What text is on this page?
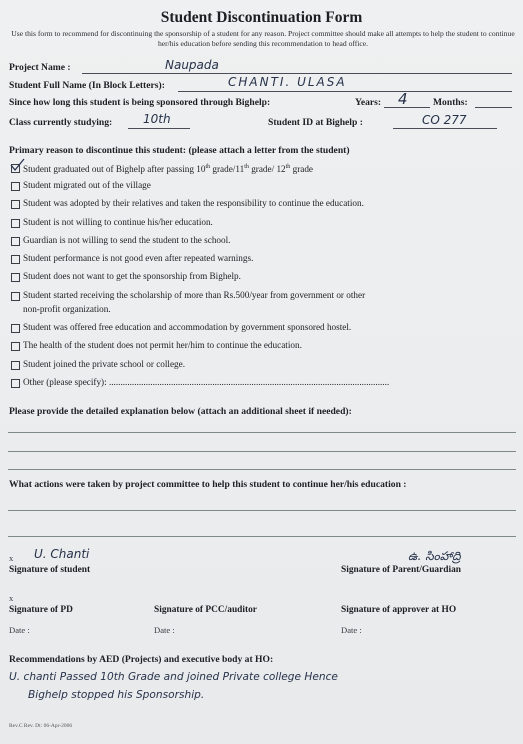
Student Discontinuation Form
Use this form to recommend for discontinuing the sponsorship of a student for any reason. Project committee should make all attempts to help the student to continue her/his education before sending this recommendation to head office.
Project Name :	Naupada
Student Full Name (In Block Letters):	CHANTI. ULASA
Since how long this student is being sponsored through Bighelp:	Years: 4	Months:
Class currently studying:	10th	Student ID at Bighelp :	CO 277
Primary reason to discontinue this student: (please attach a letter from the student)
Student graduated out of Bighelp after passing 10th grade/11th grade/ 12th grade
Student migrated out of the village
Student was adopted by their relatives and taken the responsibility to continue the education.
Student is not willing to continue his/her education.
Guardian is not willing to send the student to the school.
Student performance is not good even after repeated warnings.
Student does not want to get the sponsorship from Bighelp.
Student started receiving the scholarship of more than Rs.500/year from government or other
non-profit organization.
Student was offered free education and accommodation by government sponsored hostel.
The health of the student does not permit her/him to continue the education.
Student joined the private school or college.
Other (please specify): ..........................................................................................................................
Please provide the detailed explanation below (attach an additional sheet if needed):
What actions were taken by project committee to help this student to continue her/his education :
x U. Chanti
Signature of student
ఉ. సింహాద్రి
Signature of Parent/Guardian
x
Signature of PD	Signature of PCC/auditor	Signature of approver at HO
Date :	Date :	Date :
Recommendations by AED (Projects) and executive body at HO:
U. chanti Passed 10th Grade and joined Private college Hence
Bighelp stopped his Sponsorship.
Rev.C Rev. Dt: 06-Apr-2006
